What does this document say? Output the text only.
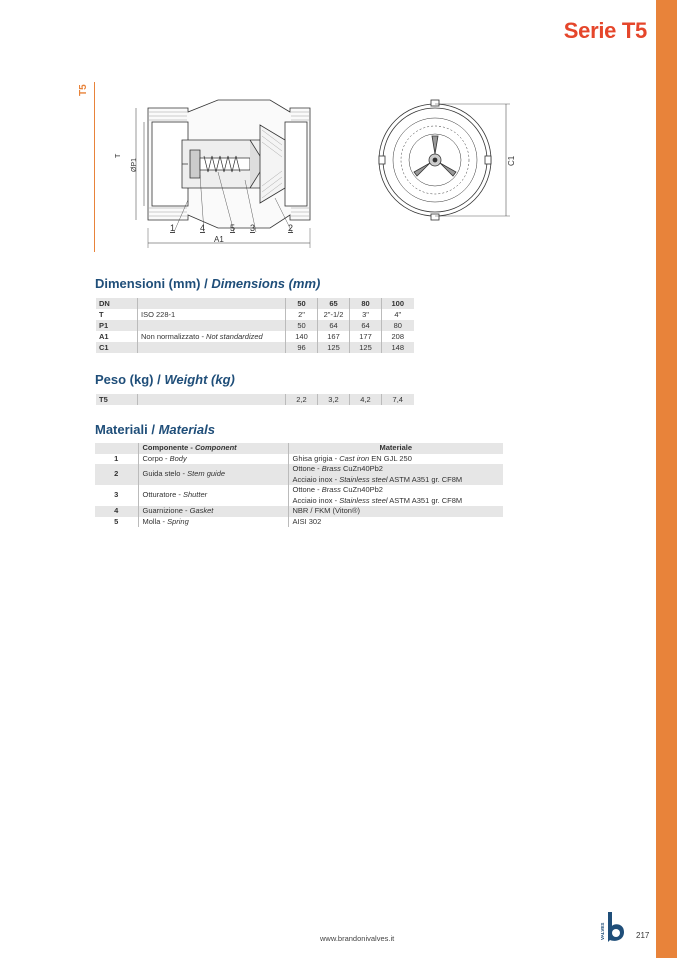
Serie T5
T5
T
ØP1
A1
1	4	5 3	2
C1
Dimensioni (mm) / Dimensions (mm)
DN		50	65	80	100
T	ISO 228-1	2"	2"-1/2	3"	4"
P1		50	64	64	80
A1	Non normalizzato - Not standardized	140	167	177	208
C1		96	125	125	148
Peso (kg) / Weight (kg)
T5		2,2	3,2	4,2	7,4
Materiali / Materials
	Componente - Component	Materiale
1	Corpo - Body	Ghisa grigia - Cast iron EN GJL 250
2	Guida stelo - Stem guide	Ottone - Brass CuZn40Pb2
Acciaio inox - Stainless steel ASTM A351 gr. CF8M

3	Otturatore - Shutter	Ottone - Brass CuZn40Pb2
Acciaio inox - Stainless steel ASTM A351 gr. CF8M

4	Guarnizione - Gasket	NBR / FKM (Viton®)
5	Molla - Spring	AISI 302
www.brandonivalves.it	VALVES	217
